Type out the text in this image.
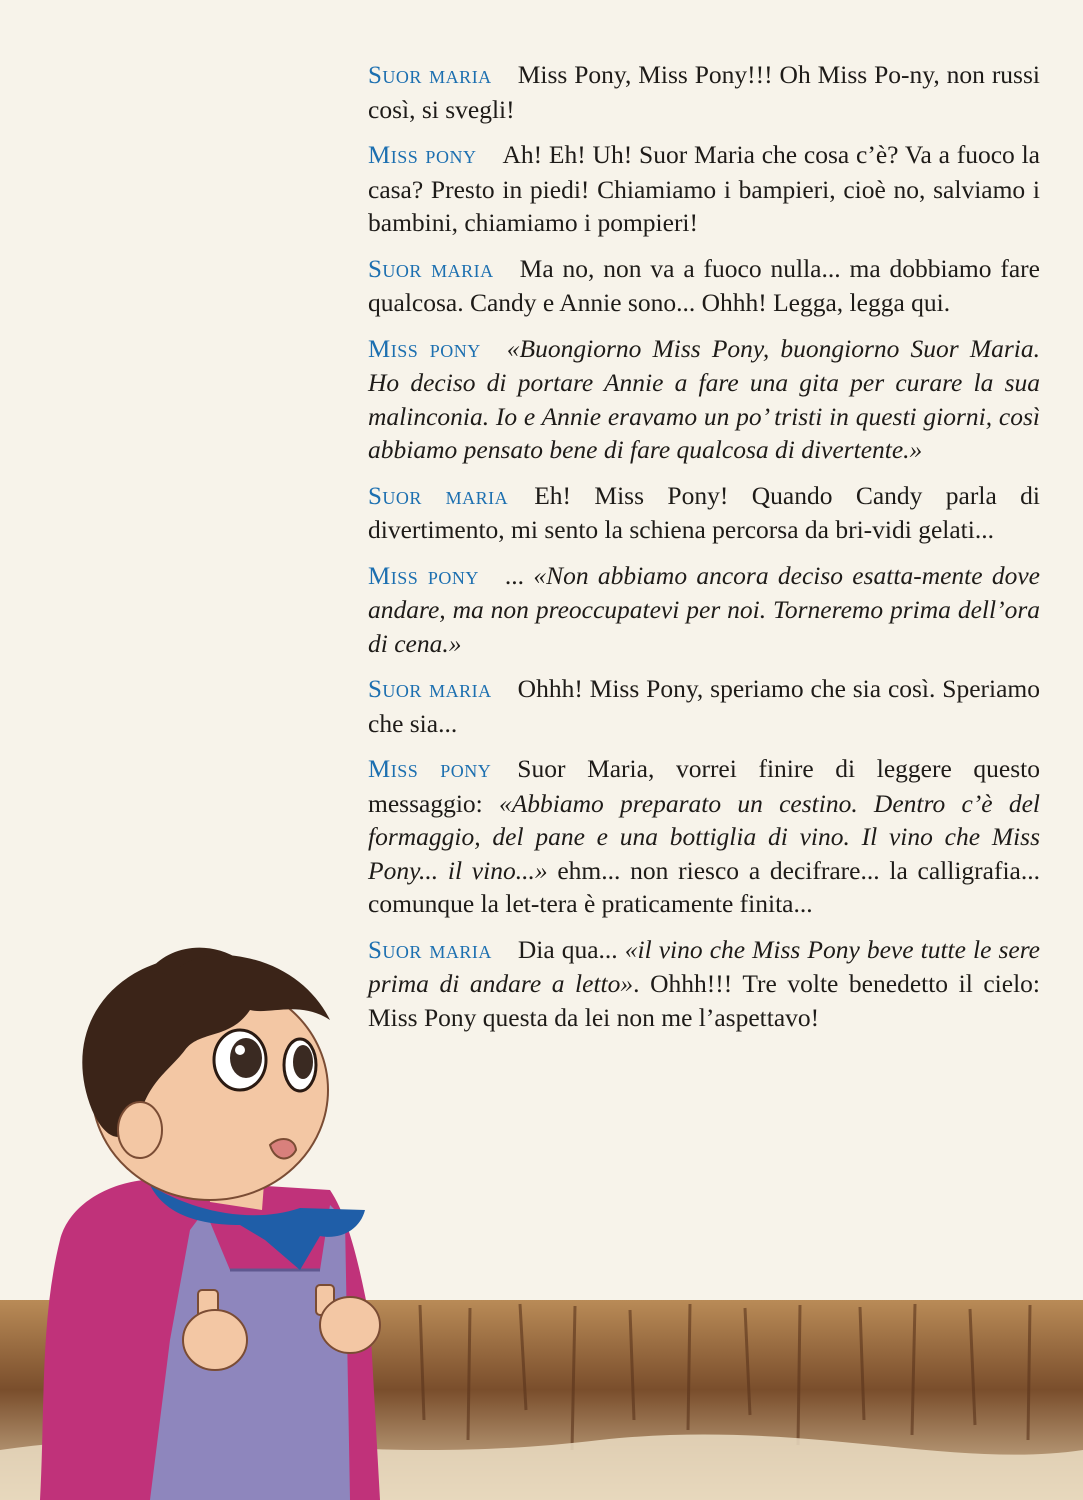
Suor maria Miss Pony, Miss Pony!!! Oh Miss Po-ny, non russi così, si svegli!

Miss pony Ah! Eh! Uh! Suor Maria che cosa c’è? Va a fuoco la casa? Presto in piedi! Chiamiamo i bampieri, cioè no, salviamo i bambini, chiamiamo i pompieri!

Suor maria Ma no, non va a fuoco nulla... ma dobbiamo fare qualcosa. Candy e Annie sono... Ohhh! Legga, legga qui.

Miss pony «Buongiorno Miss Pony, buongiorno Suor Maria. Ho deciso di portare Annie a fare una gita per curare la sua malinconia. Io e Annie eravamo un po’ tristi in questi giorni, così abbiamo pensato bene di fare qualcosa di divertente.»

Suor maria Eh! Miss Pony! Quando Candy parla di divertimento, mi sento la schiena percorsa da bri-vidi gelati...

Miss pony ... «Non abbiamo ancora deciso esatta-mente dove andare, ma non preoccupatevi per noi. Torneremo prima dell’ora di cena.»

Suor maria Ohhh! Miss Pony, speriamo che sia così. Speriamo che sia...

Miss pony Suor Maria, vorrei finire di leggere questo messaggio: «Abbiamo preparato un cestino. Dentro c’è del formaggio, del pane e una bottiglia di vino. Il vino che Miss Pony... il vino...» ehm... non riesco a decifrare... la calligrafia... comunque la let-tera è praticamente finita...

Suor maria Dia qua... «il vino che Miss Pony beve tutte le sere prima di andare a letto». Ohhh!!! Tre volte benedetto il cielo: Miss Pony questa da lei non me l’aspettavo!
